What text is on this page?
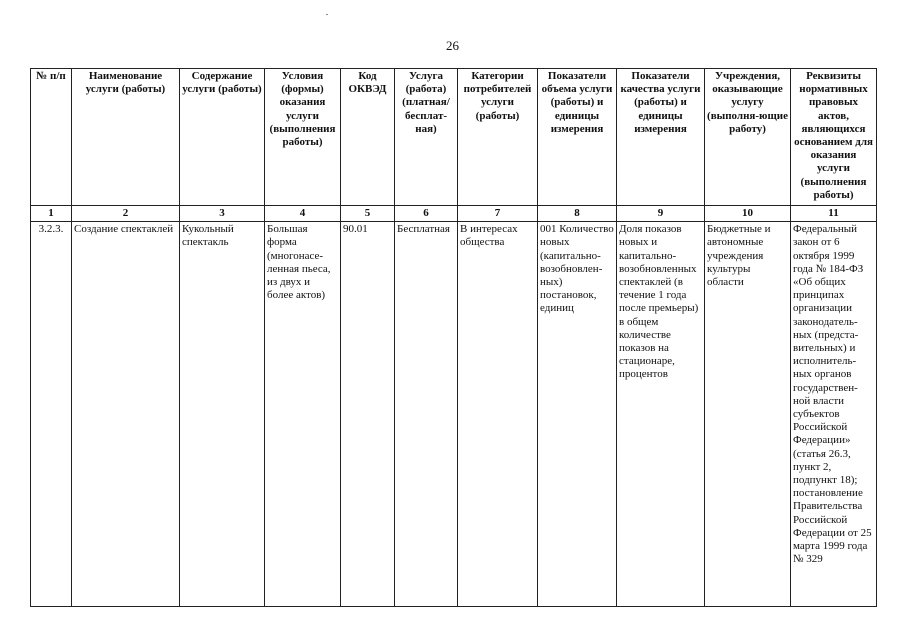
26
№ п/п	Наименование услуги (работы)	Содержание услуги (работы)	Условия (формы) оказания услуги (выполнения работы)	Код ОКВЭД	Услуга (работа) (платная/ бесплат-ная)	Категории потребителей услуги (работы)	Показатели объема услуги (работы) и единицы измерения	Показатели качества услуги (работы) и единицы измерения	Учреждения, оказывающие услугу (выполня-ющие работу)	Реквизиты нормативных правовых актов, являющихся основанием для оказания услуги (выполнения работы)
1	2	3	4	5	6	7	8	9	10	11
3.2.3.	Создание спектаклей	Кукольный спектакль	Большая форма (многонасе-ленная пьеса, из двух и более актов)	90.01	Бесплатная	В интересах общества	001 Количество новых (капитально-возобновлен-ных) постановок, единиц	Доля показов новых и капитально-возобновленных спектаклей (в течение 1 года после премьеры) в общем количестве показов на стационаре, процентов	Бюджетные и автономные учреждения культуры области	Федеральный закон от 6 октября 1999 года № 184-ФЗ «Об общих принципах организации законодатель-ных (предста-вительных) и исполнитель-ных органов государствен-ной власти субъектов Российской Федерации» (статья 26.3, пункт 2, подпункт 18); постановление Правительства Российской Федерации от 25 марта 1999 года № 329
